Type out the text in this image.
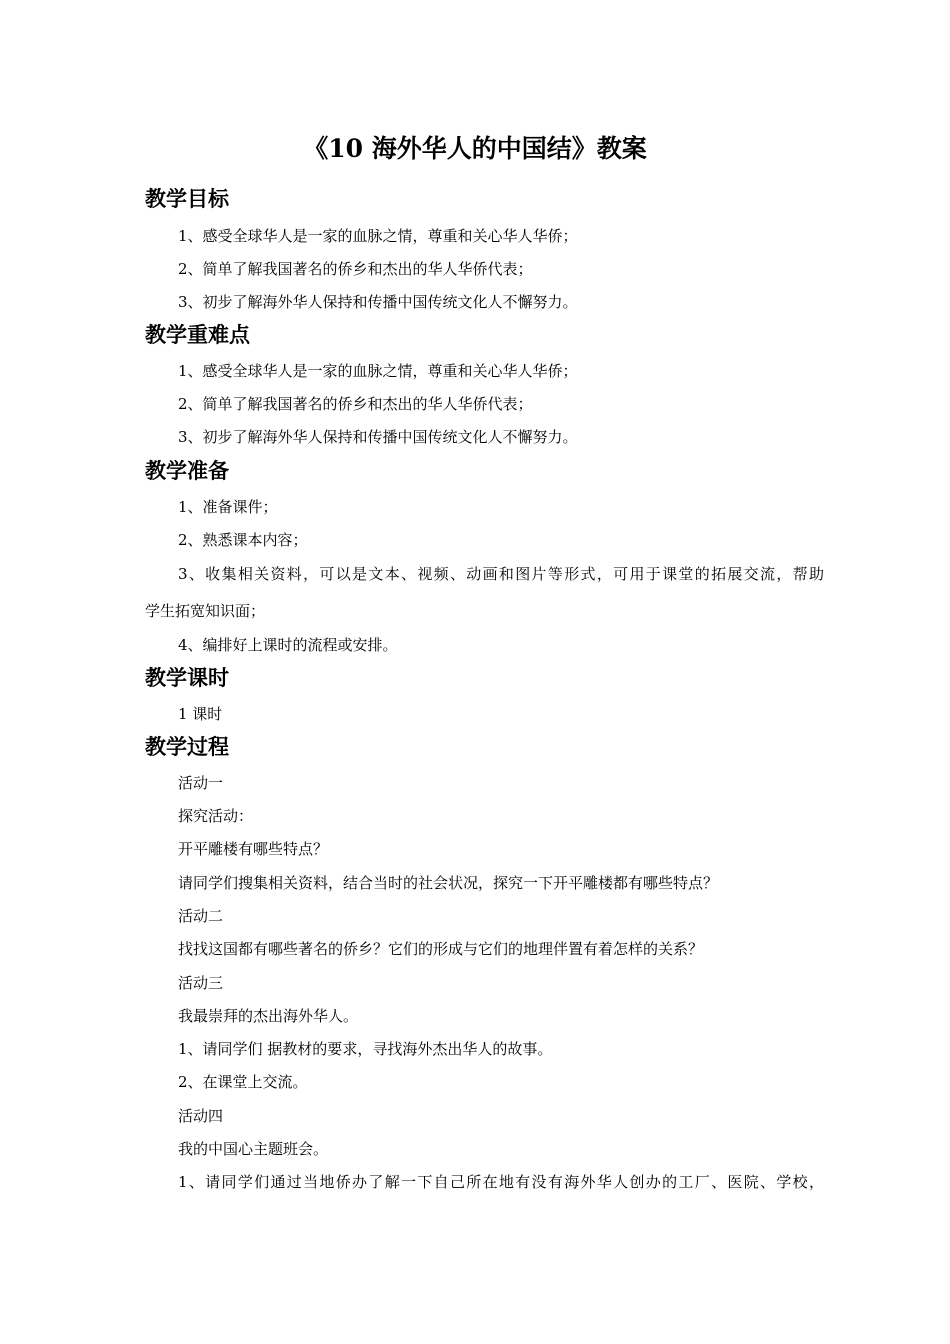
《10 海外华人的中国结》教案
教学目标
1、感受全球华人是一家的血脉之情，尊重和关心华人华侨；
2、简单了解我国著名的侨乡和杰出的华人华侨代表；
3、初步了解海外华人保持和传播中国传统文化人不懈努力。
教学重难点
1、感受全球华人是一家的血脉之情，尊重和关心华人华侨；
2、简单了解我国著名的侨乡和杰出的华人华侨代表；
3、初步了解海外华人保持和传播中国传统文化人不懈努力。
教学准备
1、准备课件；
2、熟悉课本内容；
3、收集相关资料，可以是文本、视频、动画和图片等形式，可用于课堂的拓展交流，帮助
学生拓宽知识面；
4、编排好上课时的流程或安排。
教学课时
1 课时
教学过程
活动一
探究活动：
开平雕楼有哪些特点？
请同学们搜集相关资料，结合当时的社会状况，探究一下开平雕楼都有哪些特点？
活动二
找找这国都有哪些著名的侨乡？它们的形成与它们的地理伴置有着怎样的关系？
活动三
我最崇拜的杰出海外华人。
1、请同学们 据教材的要求，寻找海外杰出华人的故事。
2、在课堂上交流。
活动四
我的中国心主题班会。
1、请同学们通过当地侨办了解一下自己所在地有没有海外华人创办的工厂、医院、学校，
